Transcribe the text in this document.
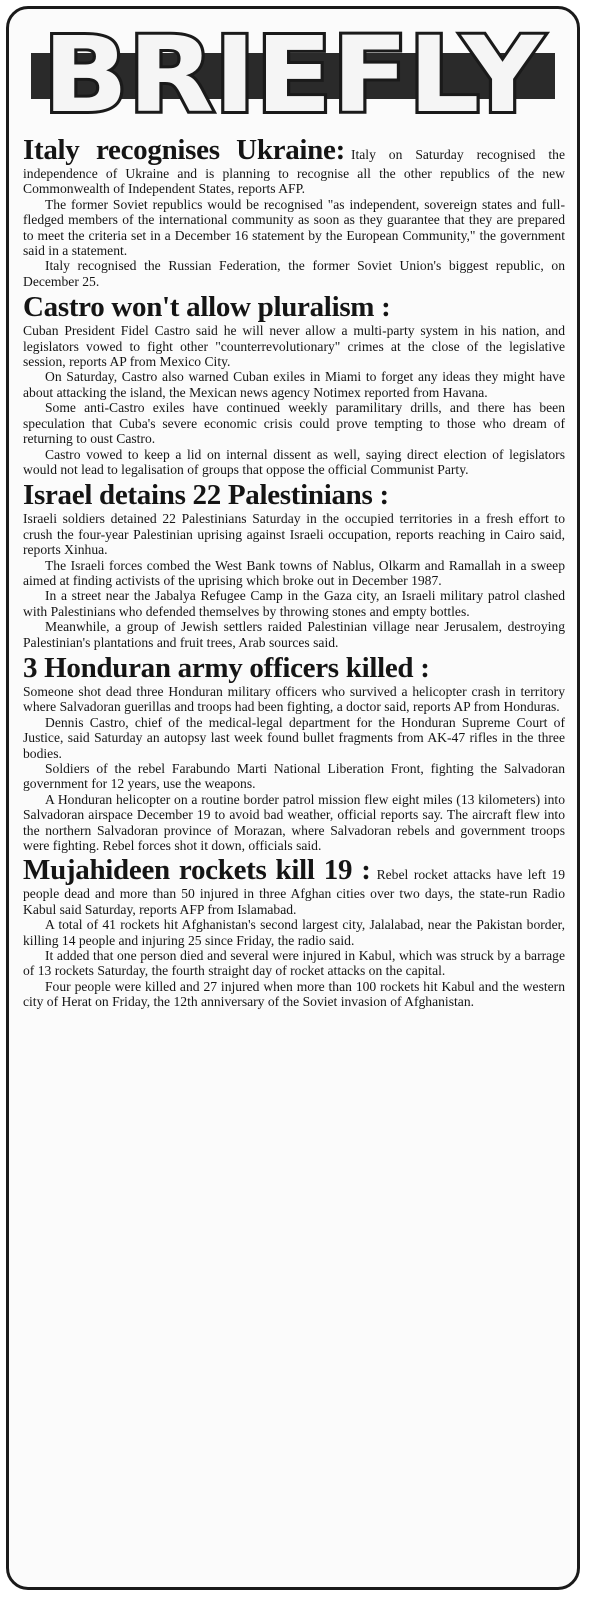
BRIEFLY

Italy recognises Ukraine: Italy on Saturday recognised the independence of Ukraine and is planning to recognise all the other republics of the new Commonwealth of Independent States, reports AFP.

The former Soviet republics would be recognised "as independent, sovereign states and full-fledged members of the international community as soon as they guarantee that they are prepared to meet the criteria set in a December 16 statement by the European Community," the government said in a statement.

Italy recognised the Russian Federation, the former Soviet Union's biggest republic, on December 25.

Castro won't allow pluralism :

Cuban President Fidel Castro said he will never allow a multi-party system in his nation, and legislators vowed to fight other "counterrevolutionary" crimes at the close of the legislative session, reports AP from Mexico City.

On Saturday, Castro also warned Cuban exiles in Miami to forget any ideas they might have about attacking the island, the Mexican news agency Notimex reported from Havana.

Some anti-Castro exiles have continued weekly paramilitary drills, and there has been speculation that Cuba's severe economic crisis could prove tempting to those who dream of returning to oust Castro.

Castro vowed to keep a lid on internal dissent as well, saying direct election of legislators would not lead to legalisation of groups that oppose the official Communist Party.

Israel detains 22 Palestinians :

Israeli soldiers detained 22 Palestinians Saturday in the occupied territories in a fresh effort to crush the four-year Palestinian uprising against Israeli occupation, reports reaching in Cairo said, reports Xinhua.

The Israeli forces combed the West Bank towns of Nablus, Olkarm and Ramallah in a sweep aimed at finding activists of the uprising which broke out in December 1987.

In a street near the Jabalya Refugee Camp in the Gaza city, an Israeli military patrol clashed with Palestinians who defended themselves by throwing stones and empty bottles.

Meanwhile, a group of Jewish settlers raided Palestinian village near Jerusalem, destroying Palestinian's plantations and fruit trees, Arab sources said.

3 Honduran army officers killed :

Someone shot dead three Honduran military officers who survived a helicopter crash in territory where Salvadoran guerillas and troops had been fighting, a doctor said, reports AP from Honduras.

Dennis Castro, chief of the medical-legal department for the Honduran Supreme Court of Justice, said Saturday an autopsy last week found bullet fragments from AK-47 rifles in the three bodies.

Soldiers of the rebel Farabundo Marti National Liberation Front, fighting the Salvadoran government for 12 years, use the weapons.

A Honduran helicopter on a routine border patrol mission flew eight miles (13 kilometers) into Salvadoran airspace December 19 to avoid bad weather, official reports say. The aircraft flew into the northern Salvadoran province of Morazan, where Salvadoran rebels and government troops were fighting. Rebel forces shot it down, officials said.

Mujahideen rockets kill 19 : Rebel rocket attacks have left 19 people dead and more than 50 injured in three Afghan cities over two days, the state-run Radio Kabul said Saturday, reports AFP from Islamabad.

A total of 41 rockets hit Afghanistan's second largest city, Jalalabad, near the Pakistan border, killing 14 people and injuring 25 since Friday, the radio said.

It added that one person died and several were injured in Kabul, which was struck by a barrage of 13 rockets Saturday, the fourth straight day of rocket attacks on the capital.

Four people were killed and 27 injured when more than 100 rockets hit Kabul and the western city of Herat on Friday, the 12th anniversary of the Soviet invasion of Afghanistan.
